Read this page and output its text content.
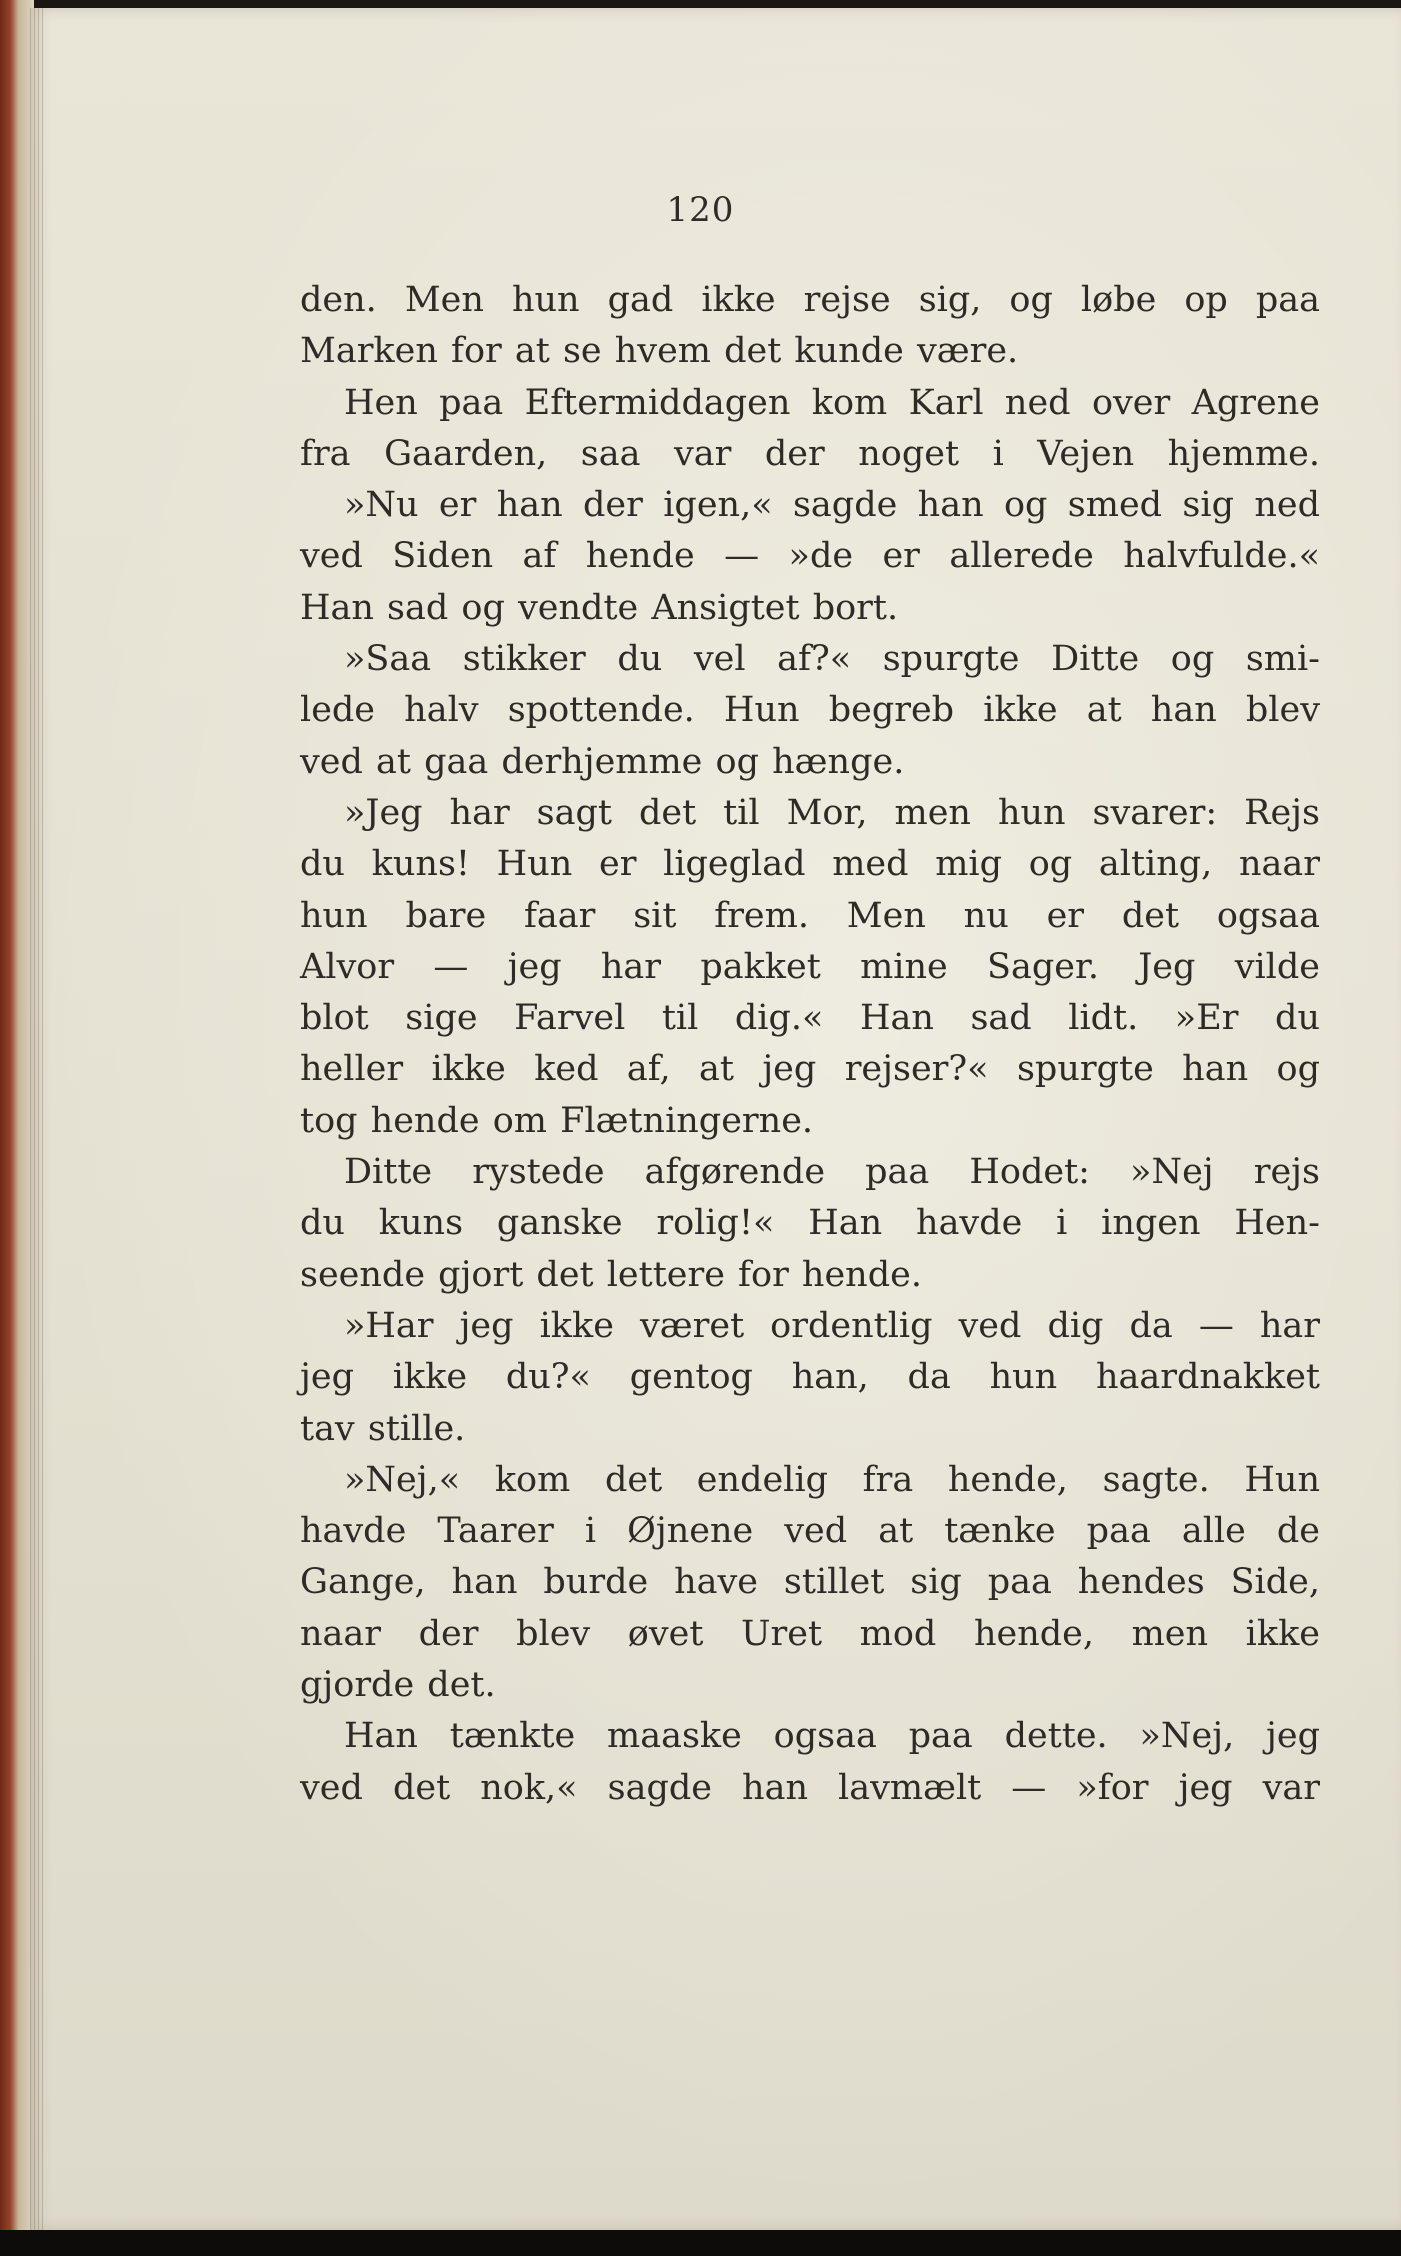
120
den. Men hun gad ikke rejse sig, og løbe op paa
Marken for at se hvem det kunde være.
Hen paa Eftermiddagen kom Karl ned over Agrene
fra Gaarden, saa var der noget i Vejen hjemme.
»Nu er han der igen,« sagde han og smed sig ned
ved Siden af hende — »de er allerede halvfulde.«
Han sad og vendte Ansigtet bort.
»Saa stikker du vel af?« spurgte Ditte og smi-
lede halv spottende. Hun begreb ikke at han blev
ved at gaa derhjemme og hænge.
»Jeg har sagt det til Mor, men hun svarer: Rejs
du kuns! Hun er ligeglad med mig og alting, naar
hun bare faar sit frem. Men nu er det ogsaa
Alvor — jeg har pakket mine Sager. Jeg vilde
blot sige Farvel til dig.« Han sad lidt. »Er du
heller ikke ked af, at jeg rejser?« spurgte han og
tog hende om Flætningerne.
Ditte rystede afgørende paa Hodet: »Nej rejs
du kuns ganske rolig!« Han havde i ingen Hen-
seende gjort det lettere for hende.
»Har jeg ikke været ordentlig ved dig da — har
jeg ikke du?« gentog han, da hun haardnakket
tav stille.
»Nej,« kom det endelig fra hende, sagte. Hun
havde Taarer i Øjnene ved at tænke paa alle de
Gange, han burde have stillet sig paa hendes Side,
naar der blev øvet Uret mod hende, men ikke
gjorde det.
Han tænkte maaske ogsaa paa dette. »Nej, jeg
ved det nok,« sagde han lavmælt — »for jeg var
